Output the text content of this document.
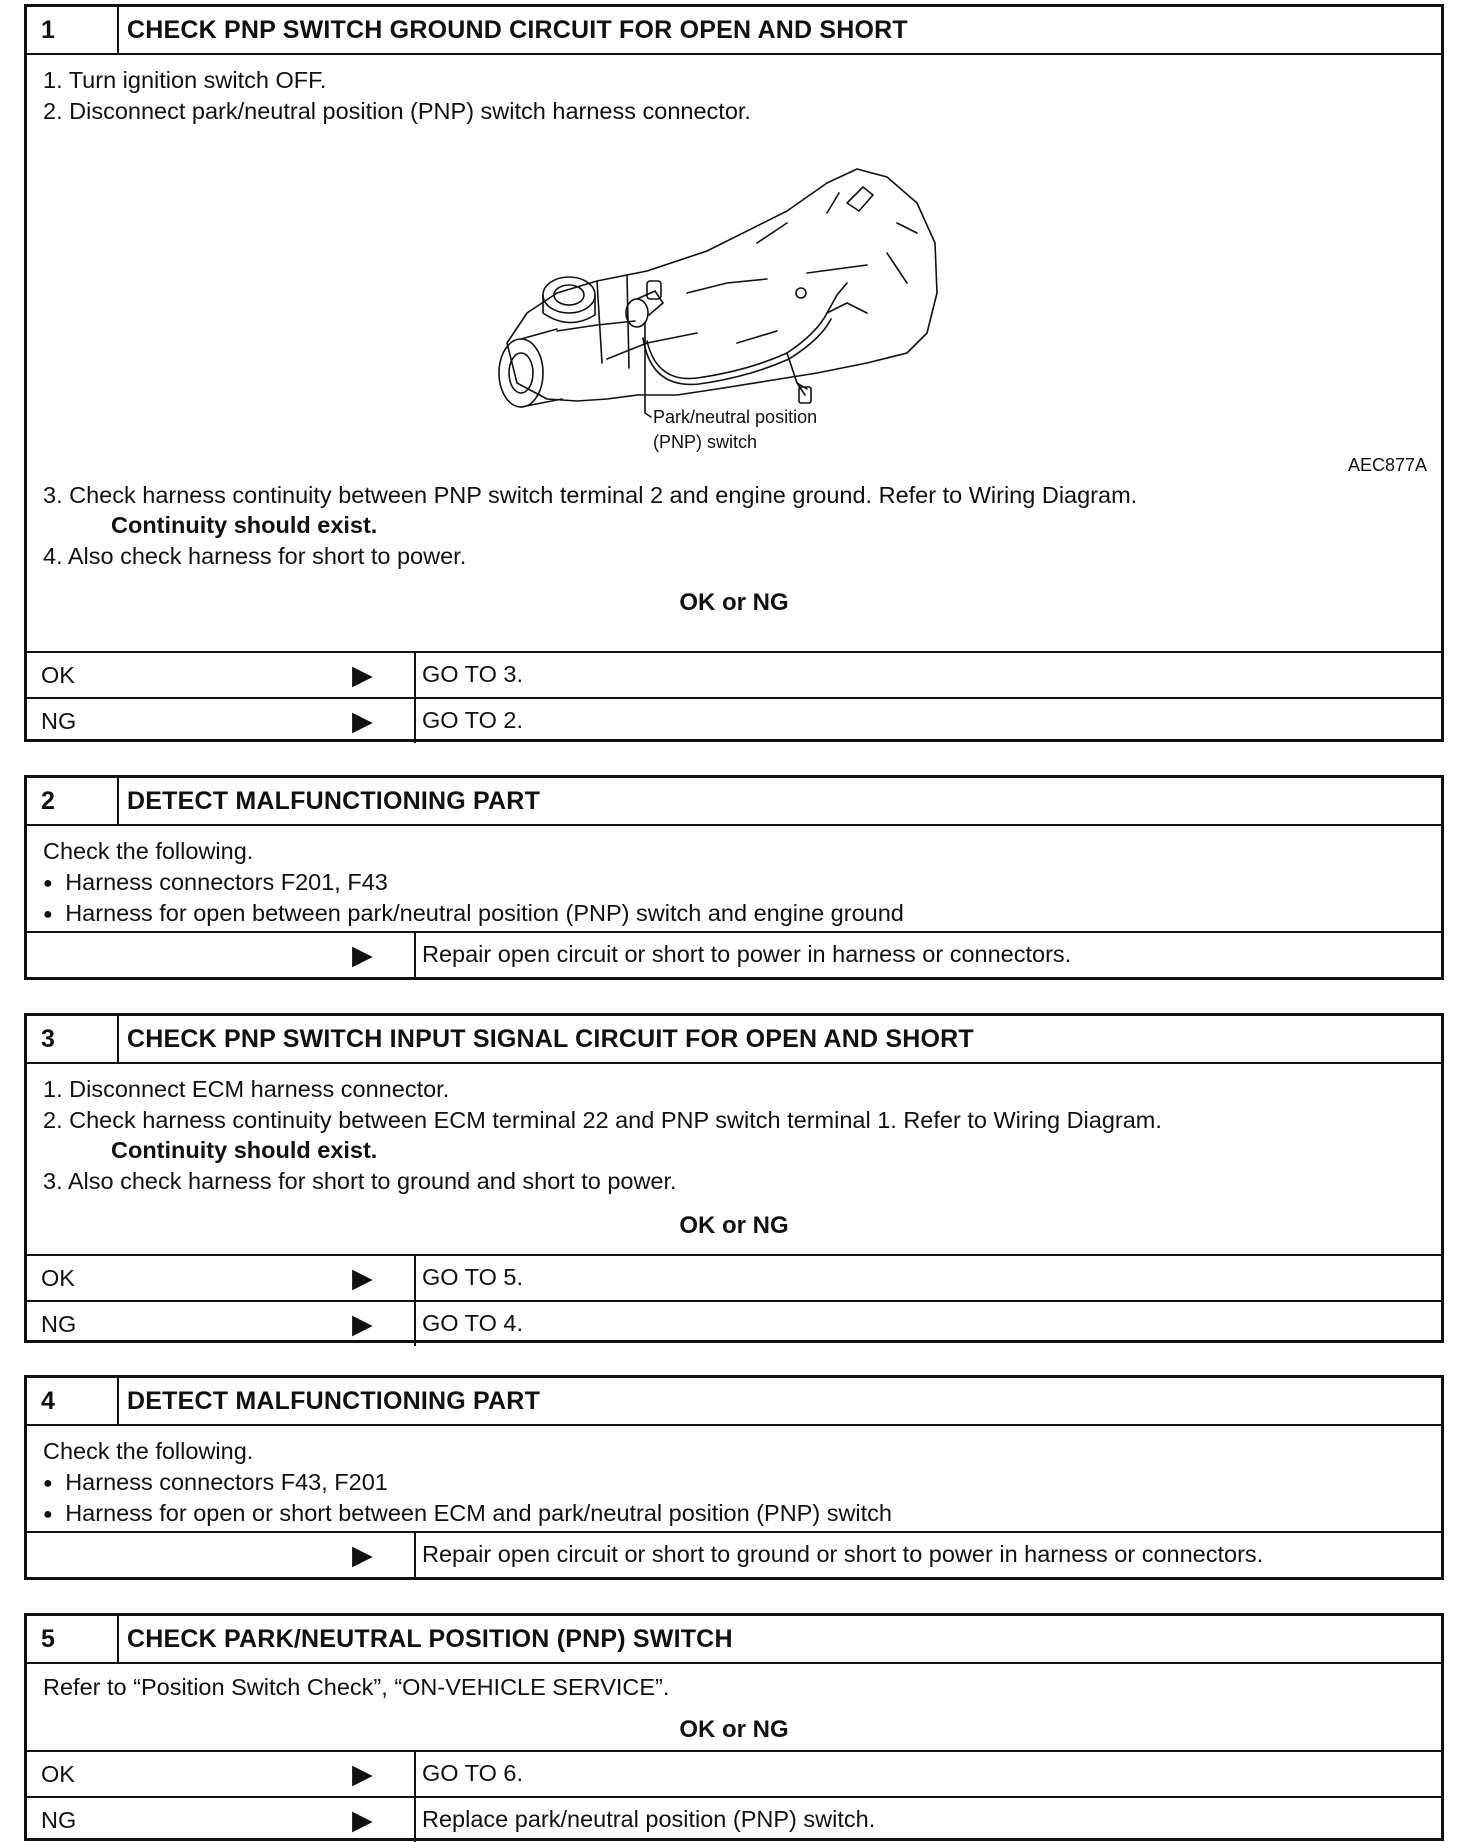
1	CHECK PNP SWITCH GROUND CIRCUIT FOR OPEN AND SHORT
1. Turn ignition switch OFF.
2. Disconnect park/neutral position (PNP) switch harness connector.
Park/neutral position
(PNP) switch
AEC877A
3. Check harness continuity between PNP switch terminal 2 and engine ground. Refer to Wiring Diagram.
Continuity should exist.
4. Also check harness for short to power.
OK or NG
OK	▶	GO TO 3.
NG	▶	GO TO 2.
2	DETECT MALFUNCTIONING PART
Check the following.
● Harness connectors F201, F43
● Harness for open between park/neutral position (PNP) switch and engine ground
▶	Repair open circuit or short to power in harness or connectors.
3	CHECK PNP SWITCH INPUT SIGNAL CIRCUIT FOR OPEN AND SHORT
1. Disconnect ECM harness connector.
2. Check harness continuity between ECM terminal 22 and PNP switch terminal 1. Refer to Wiring Diagram.
Continuity should exist.
3. Also check harness for short to ground and short to power.
OK or NG
OK	▶	GO TO 5.
NG	▶	GO TO 4.
4	DETECT MALFUNCTIONING PART
Check the following.
● Harness connectors F43, F201
● Harness for open or short between ECM and park/neutral position (PNP) switch
▶	Repair open circuit or short to ground or short to power in harness or connectors.
5	CHECK PARK/NEUTRAL POSITION (PNP) SWITCH
Refer to “Position Switch Check”, “ON-VEHICLE SERVICE”.
OK or NG
OK	▶	GO TO 6.
NG	▶	Replace park/neutral position (PNP) switch.
